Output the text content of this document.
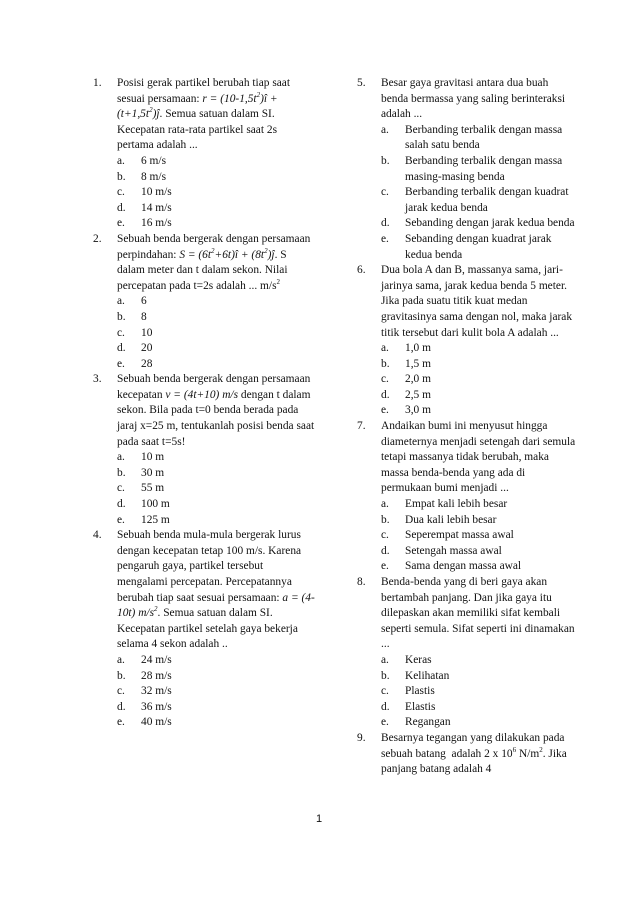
1. Posisi gerak partikel berubah tiap saat sesuai persamaan: $r = (10-1,5t^2)î$ + $(t+1,5t^2)ĵ$. Semua satuan dalam SI. Kecepatan rata-rata partikel saat 2s pertama adalah ...
a. 6 m/s
b. 8 m/s
c. 10 m/s
d. 14 m/s
e. 16 m/s
2. Sebuah benda bergerak dengan persamaan perpindahan: $S = (6t^2+6t)î$ + $(8t^2)ĵ$. S dalam meter dan t dalam sekon. Nilai percepatan pada t=2s adalah ... $m/s^2$
a. 6
b. 8
c. 10
d. 20
e. 28
3. Sebuah benda bergerak dengan persamaan kecepatan v = (4t+10) m/s dengan t dalam sekon. Bila pada t=0 benda berada pada jaraj x=25 m, tentukanlah posisi benda saat pada saat t=5s!
a. 10 m
b. 30 m
c. 55 m
d. 100 m
e. 125 m
4. Sebuah benda mula-mula bergerak lurus dengan kecepatan tetap 100 m/s. Karena pengaruh gaya, partikel tersebut mengalami percepatan. Percepatannya berubah tiap saat sesuai persamaan: a = (4-10t) $m/s^2$. Semua satuan dalam SI. Kecepatan partikel setelah gaya bekerja selama 4 sekon adalah ..
a. 24 m/s
b. 28 m/s
c. 32 m/s
d. 36 m/s
e. 40 m/s
5. Besar gaya gravitasi antara dua buah benda bermassa yang saling berinteraksi adalah ...
a. Berbanding terbalik dengan massa salah satu benda
b. Berbanding terbalik dengan massa masing-masing benda
c. Berbanding terbalik dengan kuadrat jarak kedua benda
d. Sebanding dengan jarak kedua benda
e. Sebanding dengan kuadrat jarak kedua benda
6. Dua bola A dan B, massanya sama, jari-jarinya sama, jarak kedua benda 5 meter. Jika pada suatu titik kuat medan gravitasinya sama dengan nol, maka jarak titik tersebut dari kulit bola A adalah ...
a. 1,0 m
b. 1,5 m
c. 2,0 m
d. 2,5 m
e. 3,0 m
7. Andaikan bumi ini menyusut hingga diameternya menjadi setengah dari semula tetapi massanya tidak berubah, maka massa benda-benda yang ada di permukaan bumi menjadi ...
a. Empat kali lebih besar
b. Dua kali lebih besar
c. Seperempat massa awal
d. Setengah massa awal
e. Sama dengan massa awal
8. Benda-benda yang di beri gaya akan bertambah panjang. Dan jika gaya itu dilepaskan akan memiliki sifat kembali seperti semula. Sifat seperti ini dinamakan ...
a. Keras
b. Kelihatan
c. Plastis
d. Elastis
e. Regangan
9. Besarnya tegangan yang dilakukan pada sebuah batang  adalah 2 x $10^6$ $N/m^2$. Jika panjang batang adalah 4
1
